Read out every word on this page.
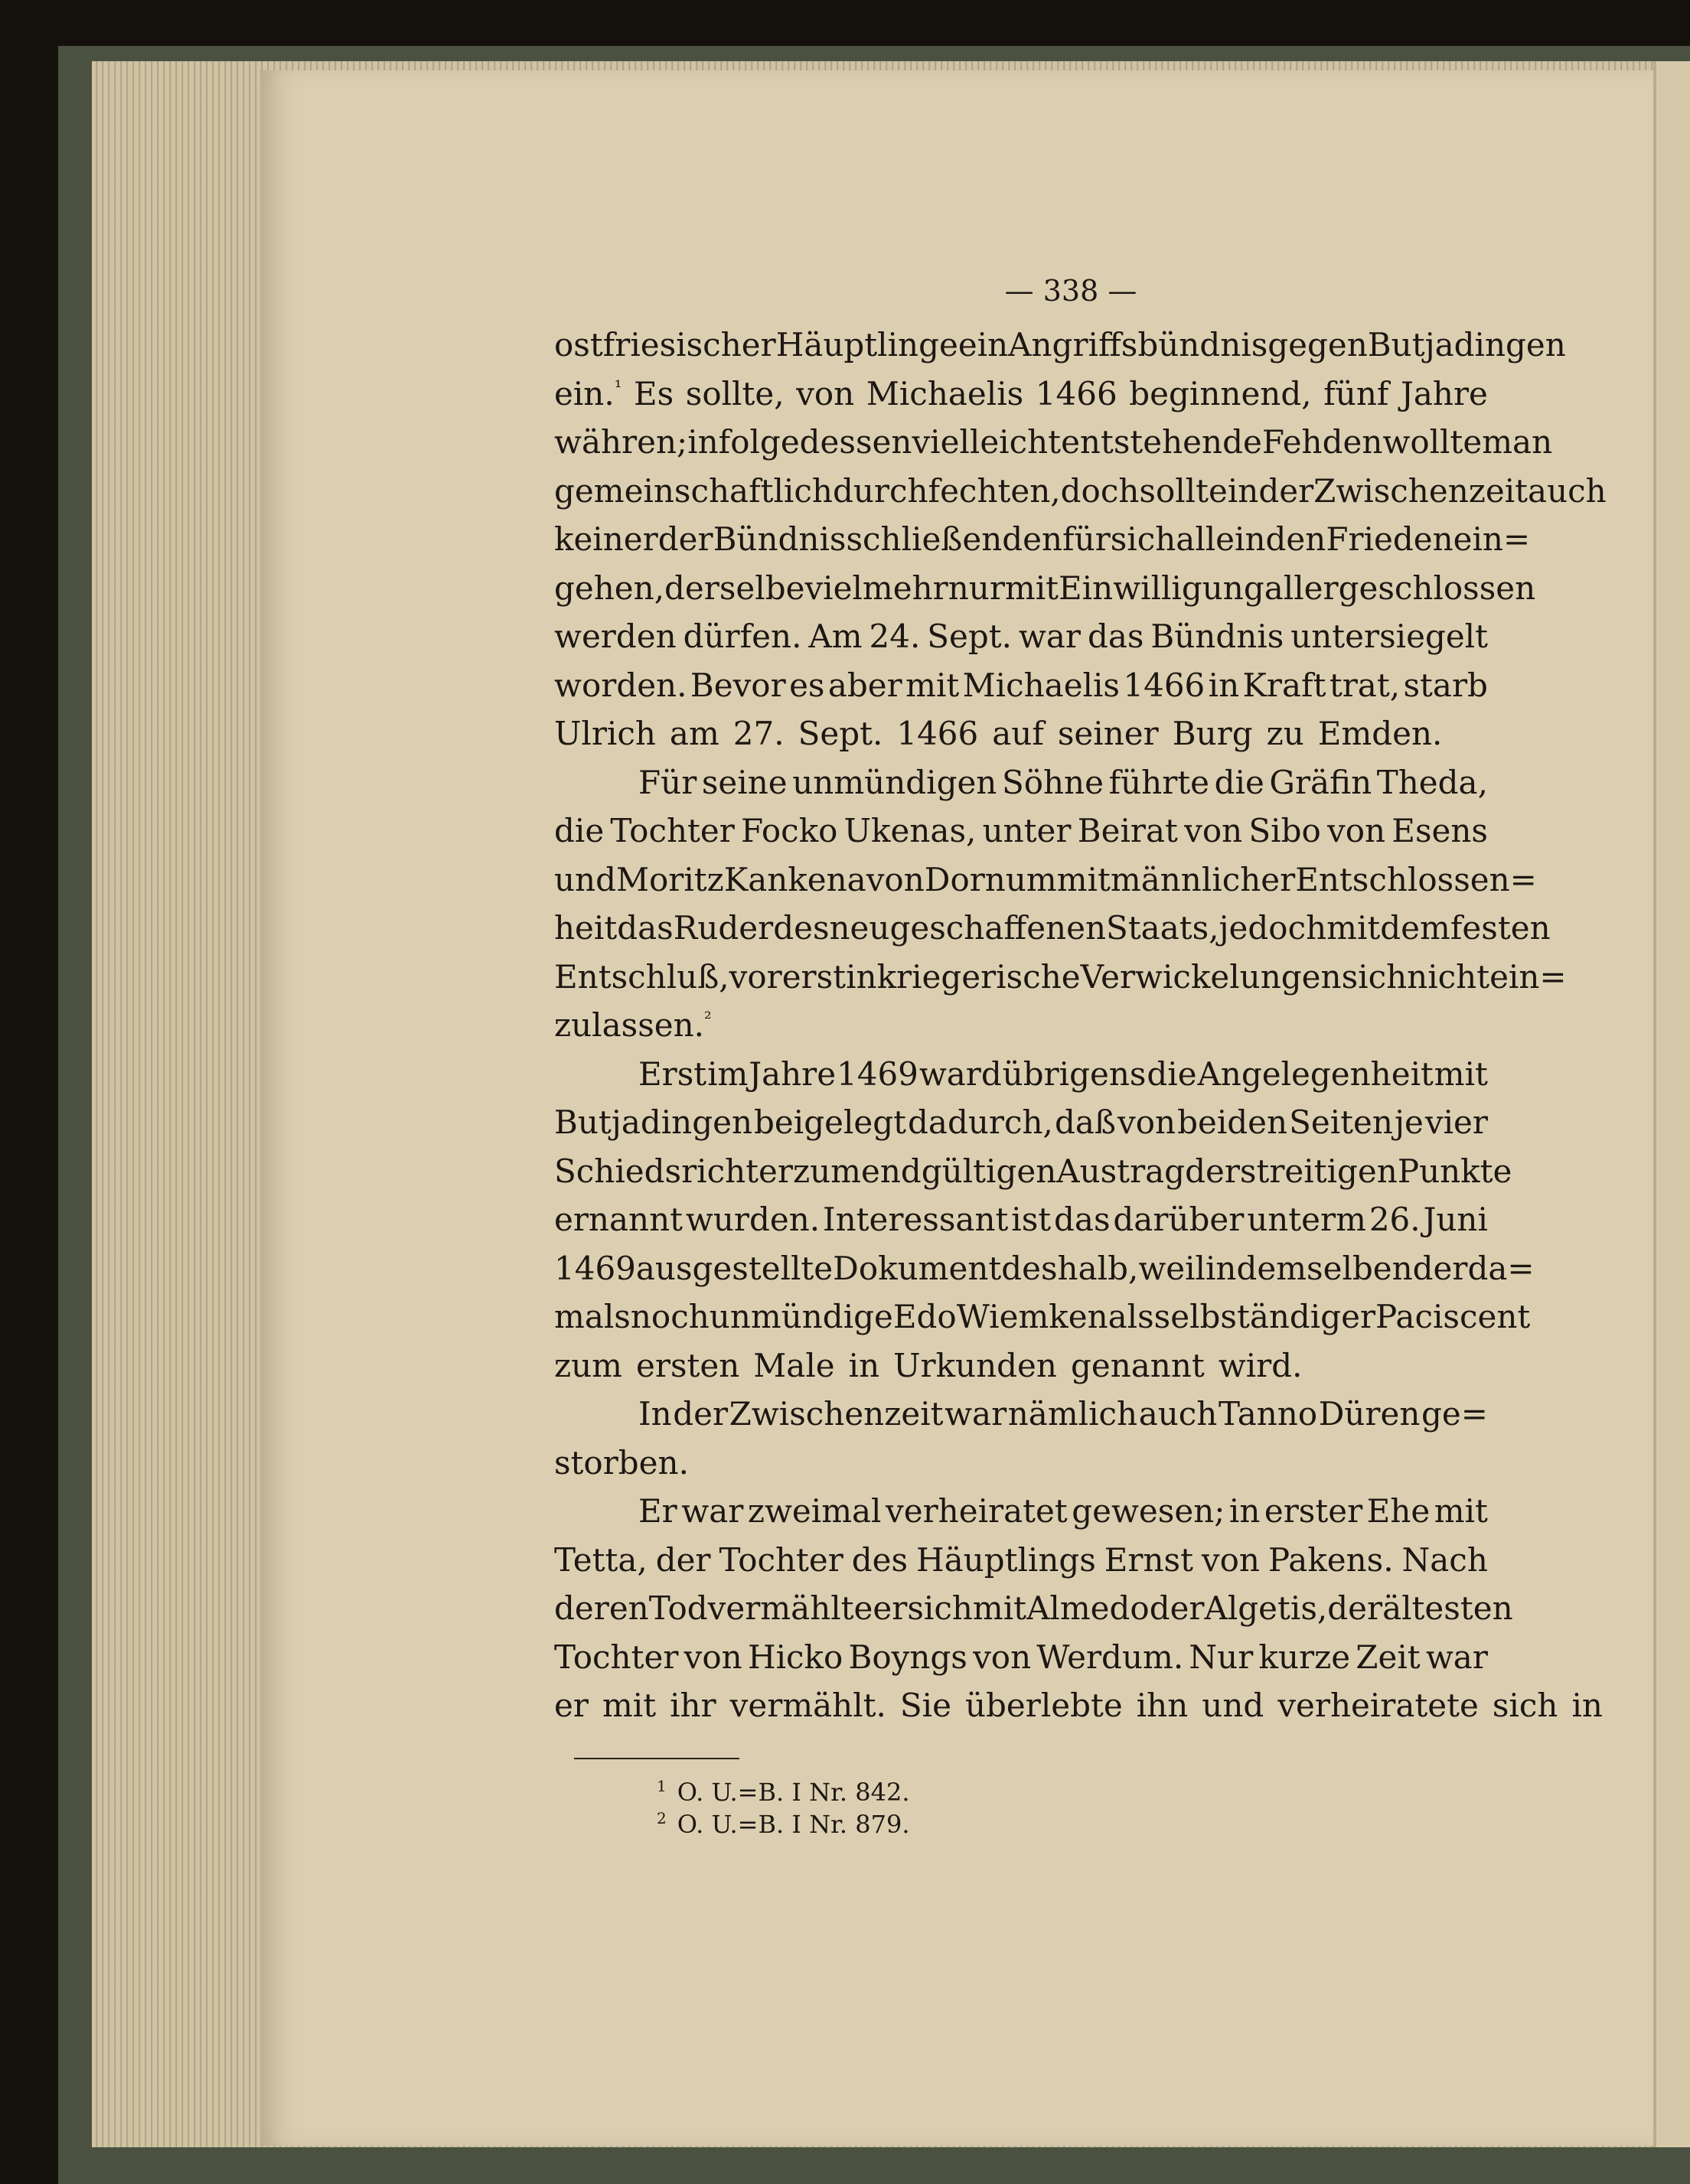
— 338 —
ostfriesischer Häuptlinge ein Angriffsbündnis gegen Butjadingen
ein.$^{^1}$ Es sollte, von Michaelis 1466 beginnend, fünf Jahre
währen; infolgedessen vielleicht entstehende Fehden wollte man
gemeinschaftlich durchfechten, doch sollte in der Zwischenzeit auch
keiner der Bündnisschließenden für sich allein den Frieden ein=
gehen, derselbe vielmehr nur mit Einwilligung aller geschlossen
werden dürfen. Am 24. Sept. war das Bündnis untersiegelt
worden. Bevor es aber mit Michaelis 1466 in Kraft trat, starb
Ulrich am 27. Sept. 1466 auf seiner Burg zu Emden.
Für seine unmündigen Söhne führte die Gräfin Theda,
die Tochter Focko Ukenas, unter Beirat von Sibo von Esens
und Moritz Kankena von Dornum mit männlicher Entschlossen=
heit das Ruder des neugeschaffenen Staats, jedoch mit dem festen
Entschluß, vorerst in kriegerische Verwickelungen sich nicht ein=
zulassen.$^{^2}$
Erst im Jahre 1469 ward übrigens die Angelegenheit mit
Butjadingen beigelegt dadurch, daß von beiden Seiten je vier
Schiedsrichter zum endgültigen Austrag der streitigen Punkte
ernannt wurden. Interessant ist das darüber unterm 26. Juni
1469 ausgestellte Dokument deshalb, weil in demselben der da=
mals noch unmündige Edo Wiemken als selbständiger Paciscent
zum ersten Male in Urkunden genannt wird.
In der Zwischenzeit war nämlich auch Tanno Düren ge=
storben.
Er war zweimal verheiratet gewesen; in erster Ehe mit
Tetta, der Tochter des Häuptlings Ernst von Pakens. Nach
deren Tod vermählte er sich mit Almed oder Algetis, der ältesten
Tochter von Hicko Boyngs von Werdum. Nur kurze Zeit war
er mit ihr vermählt. Sie überlebte ihn und verheiratete sich in
$^1$ O. U.=B. I Nr. 842.
$^2$ O. U.=B. I Nr. 879.
